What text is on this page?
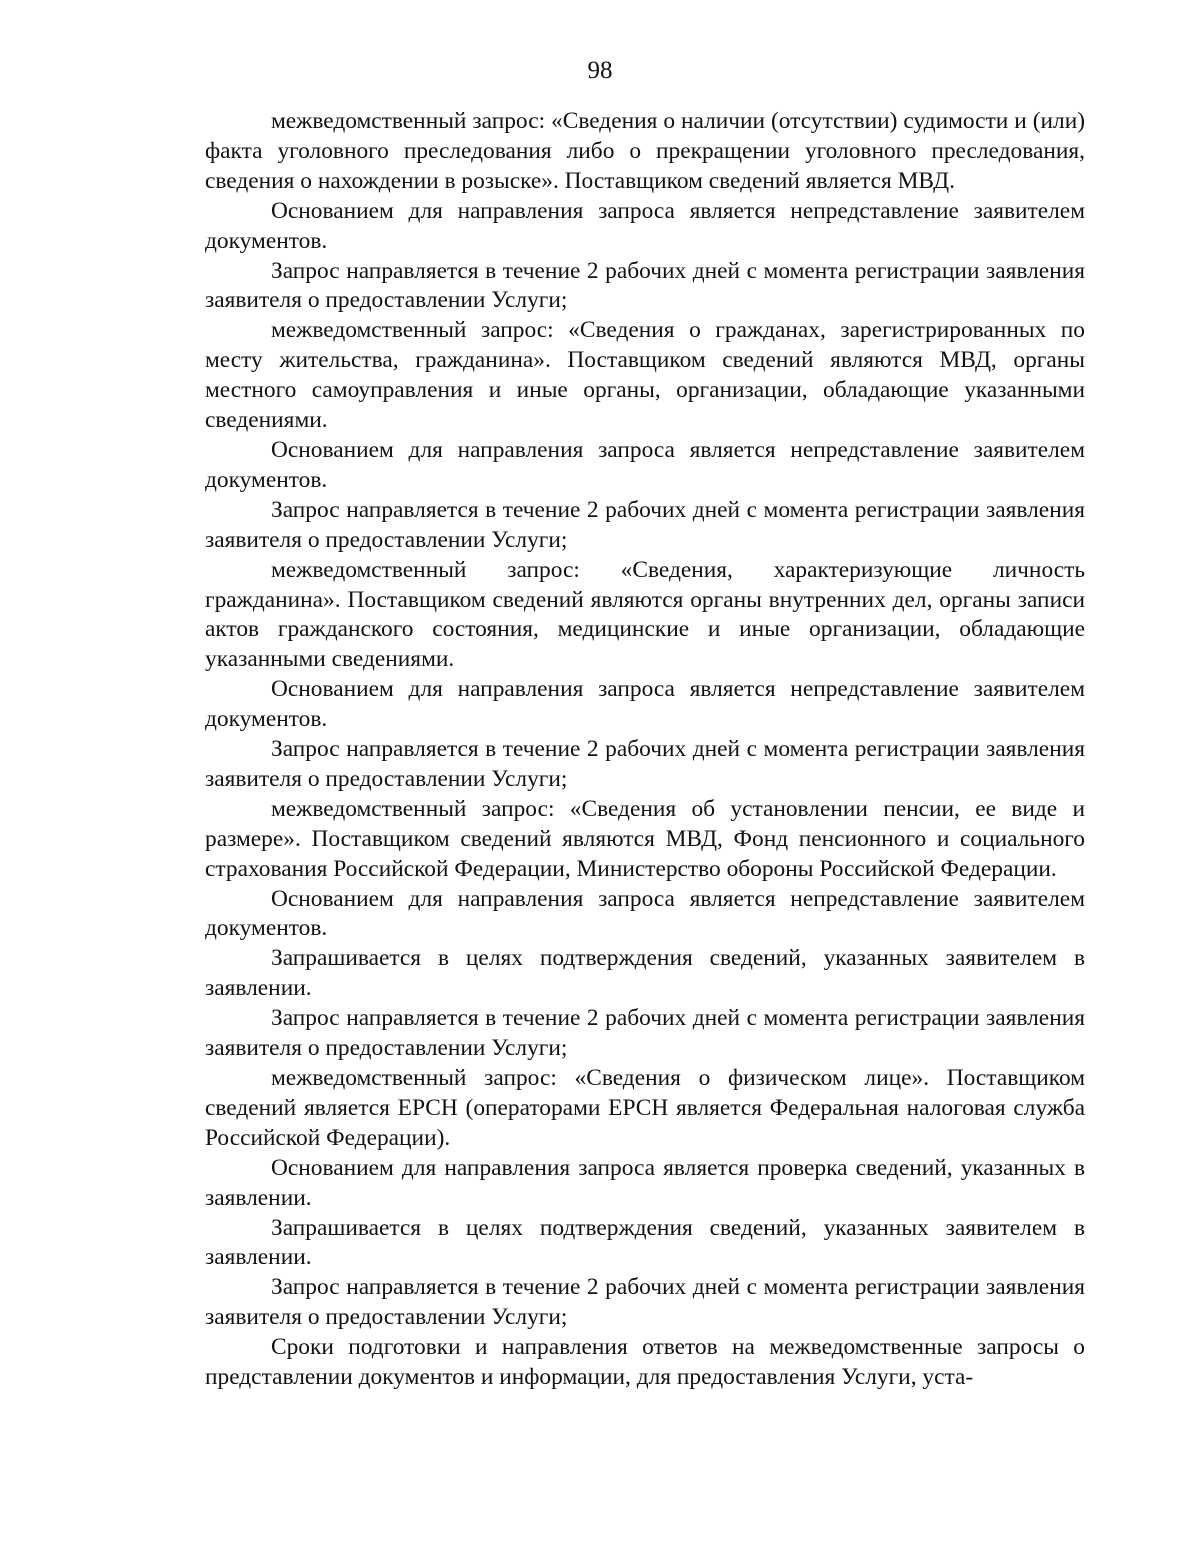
98

межведомственный запрос: «Сведения о наличии (отсутствии) судимости и (или) факта уголовного преследования либо о прекращении уголовного преследования, сведения о нахождении в розыске». Поставщиком сведений является МВД.

Основанием для направления запроса является непредставление заявителем документов.

Запрос направляется в течение 2 рабочих дней с момента регистрации заявления заявителя о предоставлении Услуги;

межведомственный запрос: «Сведения о гражданах, зарегистрированных по месту жительства, гражданина». Поставщиком сведений являются МВД, органы местного самоуправления и иные органы, организации, обладающие указанными сведениями.

Основанием для направления запроса является непредставление заявителем документов.

Запрос направляется в течение 2 рабочих дней с момента регистрации заявления заявителя о предоставлении Услуги;

межведомственный запрос: «Сведения, характеризующие личность гражданина». Поставщиком сведений являются органы внутренних дел, органы записи актов гражданского состояния, медицинские и иные организации, обладающие указанными сведениями.

Основанием для направления запроса является непредставление заявителем документов.

Запрос направляется в течение 2 рабочих дней с момента регистрации заявления заявителя о предоставлении Услуги;

межведомственный запрос: «Сведения об установлении пенсии, ее виде и размере». Поставщиком сведений являются МВД, Фонд пенсионного и социального страхования Российской Федерации, Министерство обороны Российской Федерации.

Основанием для направления запроса является непредставление заявителем документов.

Запрашивается в целях подтверждения сведений, указанных заявителем в заявлении.

Запрос направляется в течение 2 рабочих дней с момента регистрации заявления заявителя о предоставлении Услуги;

межведомственный запрос: «Сведения о физическом лице». Поставщиком сведений является ЕРСН (операторами ЕРСН является Федеральная налоговая служба Российской Федерации).

Основанием для направления запроса является проверка сведений, указанных в заявлении.

Запрашивается в целях подтверждения сведений, указанных заявителем в заявлении.

Запрос направляется в течение 2 рабочих дней с момента регистрации заявления заявителя о предоставлении Услуги;

Сроки подготовки и направления ответов на межведомственные запросы о представлении документов и информации, для предоставления Услуги, уста-
